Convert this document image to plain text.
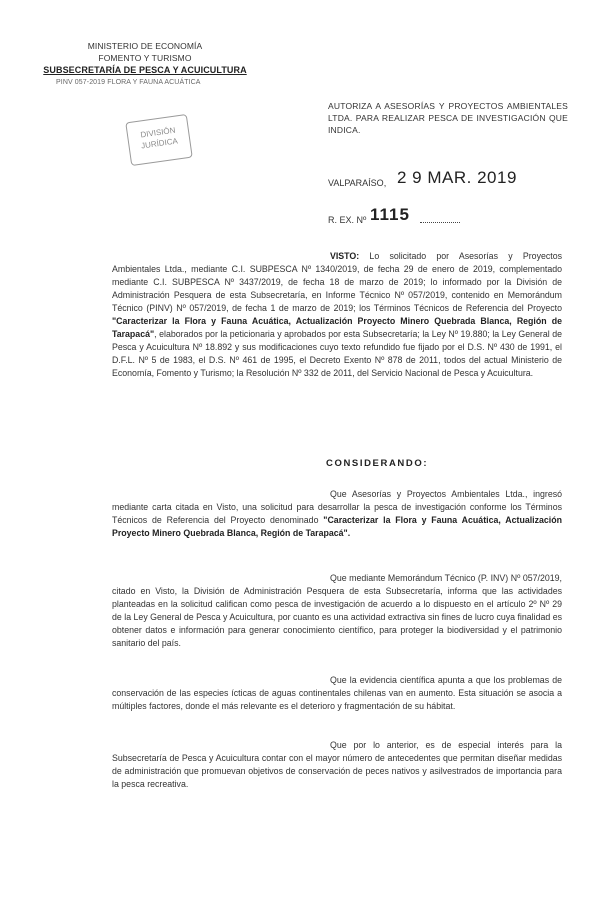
MINISTERIO DE ECONOMÍA
FOMENTO Y TURISMO
SUBSECRETARÍA DE PESCA Y ACUICULTURA
PINV 057-2019 FLORA Y FAUNA ACUÁTICA
DIVISIÓN
JURÍDICA
AUTORIZA A ASESORÍAS Y PROYECTOS AMBIENTALES LTDA. PARA REALIZAR PESCA DE INVESTIGACIÓN QUE INDICA.
VALPARAÍSO, 2 9 MAR. 2019
R. EX. Nº 1115
VISTO: Lo solicitado por Asesorías y Proyectos Ambientales Ltda., mediante C.I. SUBPESCA Nº 1340/2019, de fecha 29 de enero de 2019, complementado mediante C.I. SUBPESCA Nº 3437/2019, de fecha 18 de marzo de 2019; lo informado por la División de Administración Pesquera de esta Subsecretaría, en Informe Técnico Nº 057/2019, contenido en Memorándum Técnico (PINV) Nº 057/2019, de fecha 1 de marzo de 2019; los Términos Técnicos de Referencia del Proyecto "Caracterizar la Flora y Fauna Acuática, Actualización Proyecto Minero Quebrada Blanca, Región de Tarapacá", elaborados por la peticionaria y aprobados por esta Subsecretaría; la Ley Nº 19.880; la Ley General de Pesca y Acuicultura Nº 18.892 y sus modificaciones cuyo texto refundido fue fijado por el D.S. Nº 430 de 1991, el D.F.L. Nº 5 de 1983, el D.S. Nº 461 de 1995, el Decreto Exento Nº 878 de 2011, todos del actual Ministerio de Economía, Fomento y Turismo; la Resolución Nº 332 de 2011, del Servicio Nacional de Pesca y Acuicultura.
CONSIDERANDO:
Que Asesorías y Proyectos Ambientales Ltda., ingresó mediante carta citada en Visto, una solicitud para desarrollar la pesca de investigación conforme los Términos Técnicos de Referencia del Proyecto denominado "Caracterizar la Flora y Fauna Acuática, Actualización Proyecto Minero Quebrada Blanca, Región de Tarapacá".
Que mediante Memorándum Técnico (P. INV) Nº 057/2019, citado en Visto, la División de Administración Pesquera de esta Subsecretaría, informa que las actividades planteadas en la solicitud califican como pesca de investigación de acuerdo a lo dispuesto en el artículo 2º Nº 29 de la Ley General de Pesca y Acuicultura, por cuanto es una actividad extractiva sin fines de lucro cuya finalidad es obtener datos e información para generar conocimiento científico, para proteger la biodiversidad y el patrimonio sanitario del país.
Que la evidencia científica apunta a que los problemas de conservación de las especies ícticas de aguas continentales chilenas van en aumento. Esta situación se asocia a múltiples factores, donde el más relevante es el deterioro y fragmentación de su hábitat.
Que por lo anterior, es de especial interés para la Subsecretaría de Pesca y Acuicultura contar con el mayor número de antecedentes que permitan diseñar medidas de administración que promuevan objetivos de conservación de peces nativos y asilvestrados de importancia para la pesca recreativa.
